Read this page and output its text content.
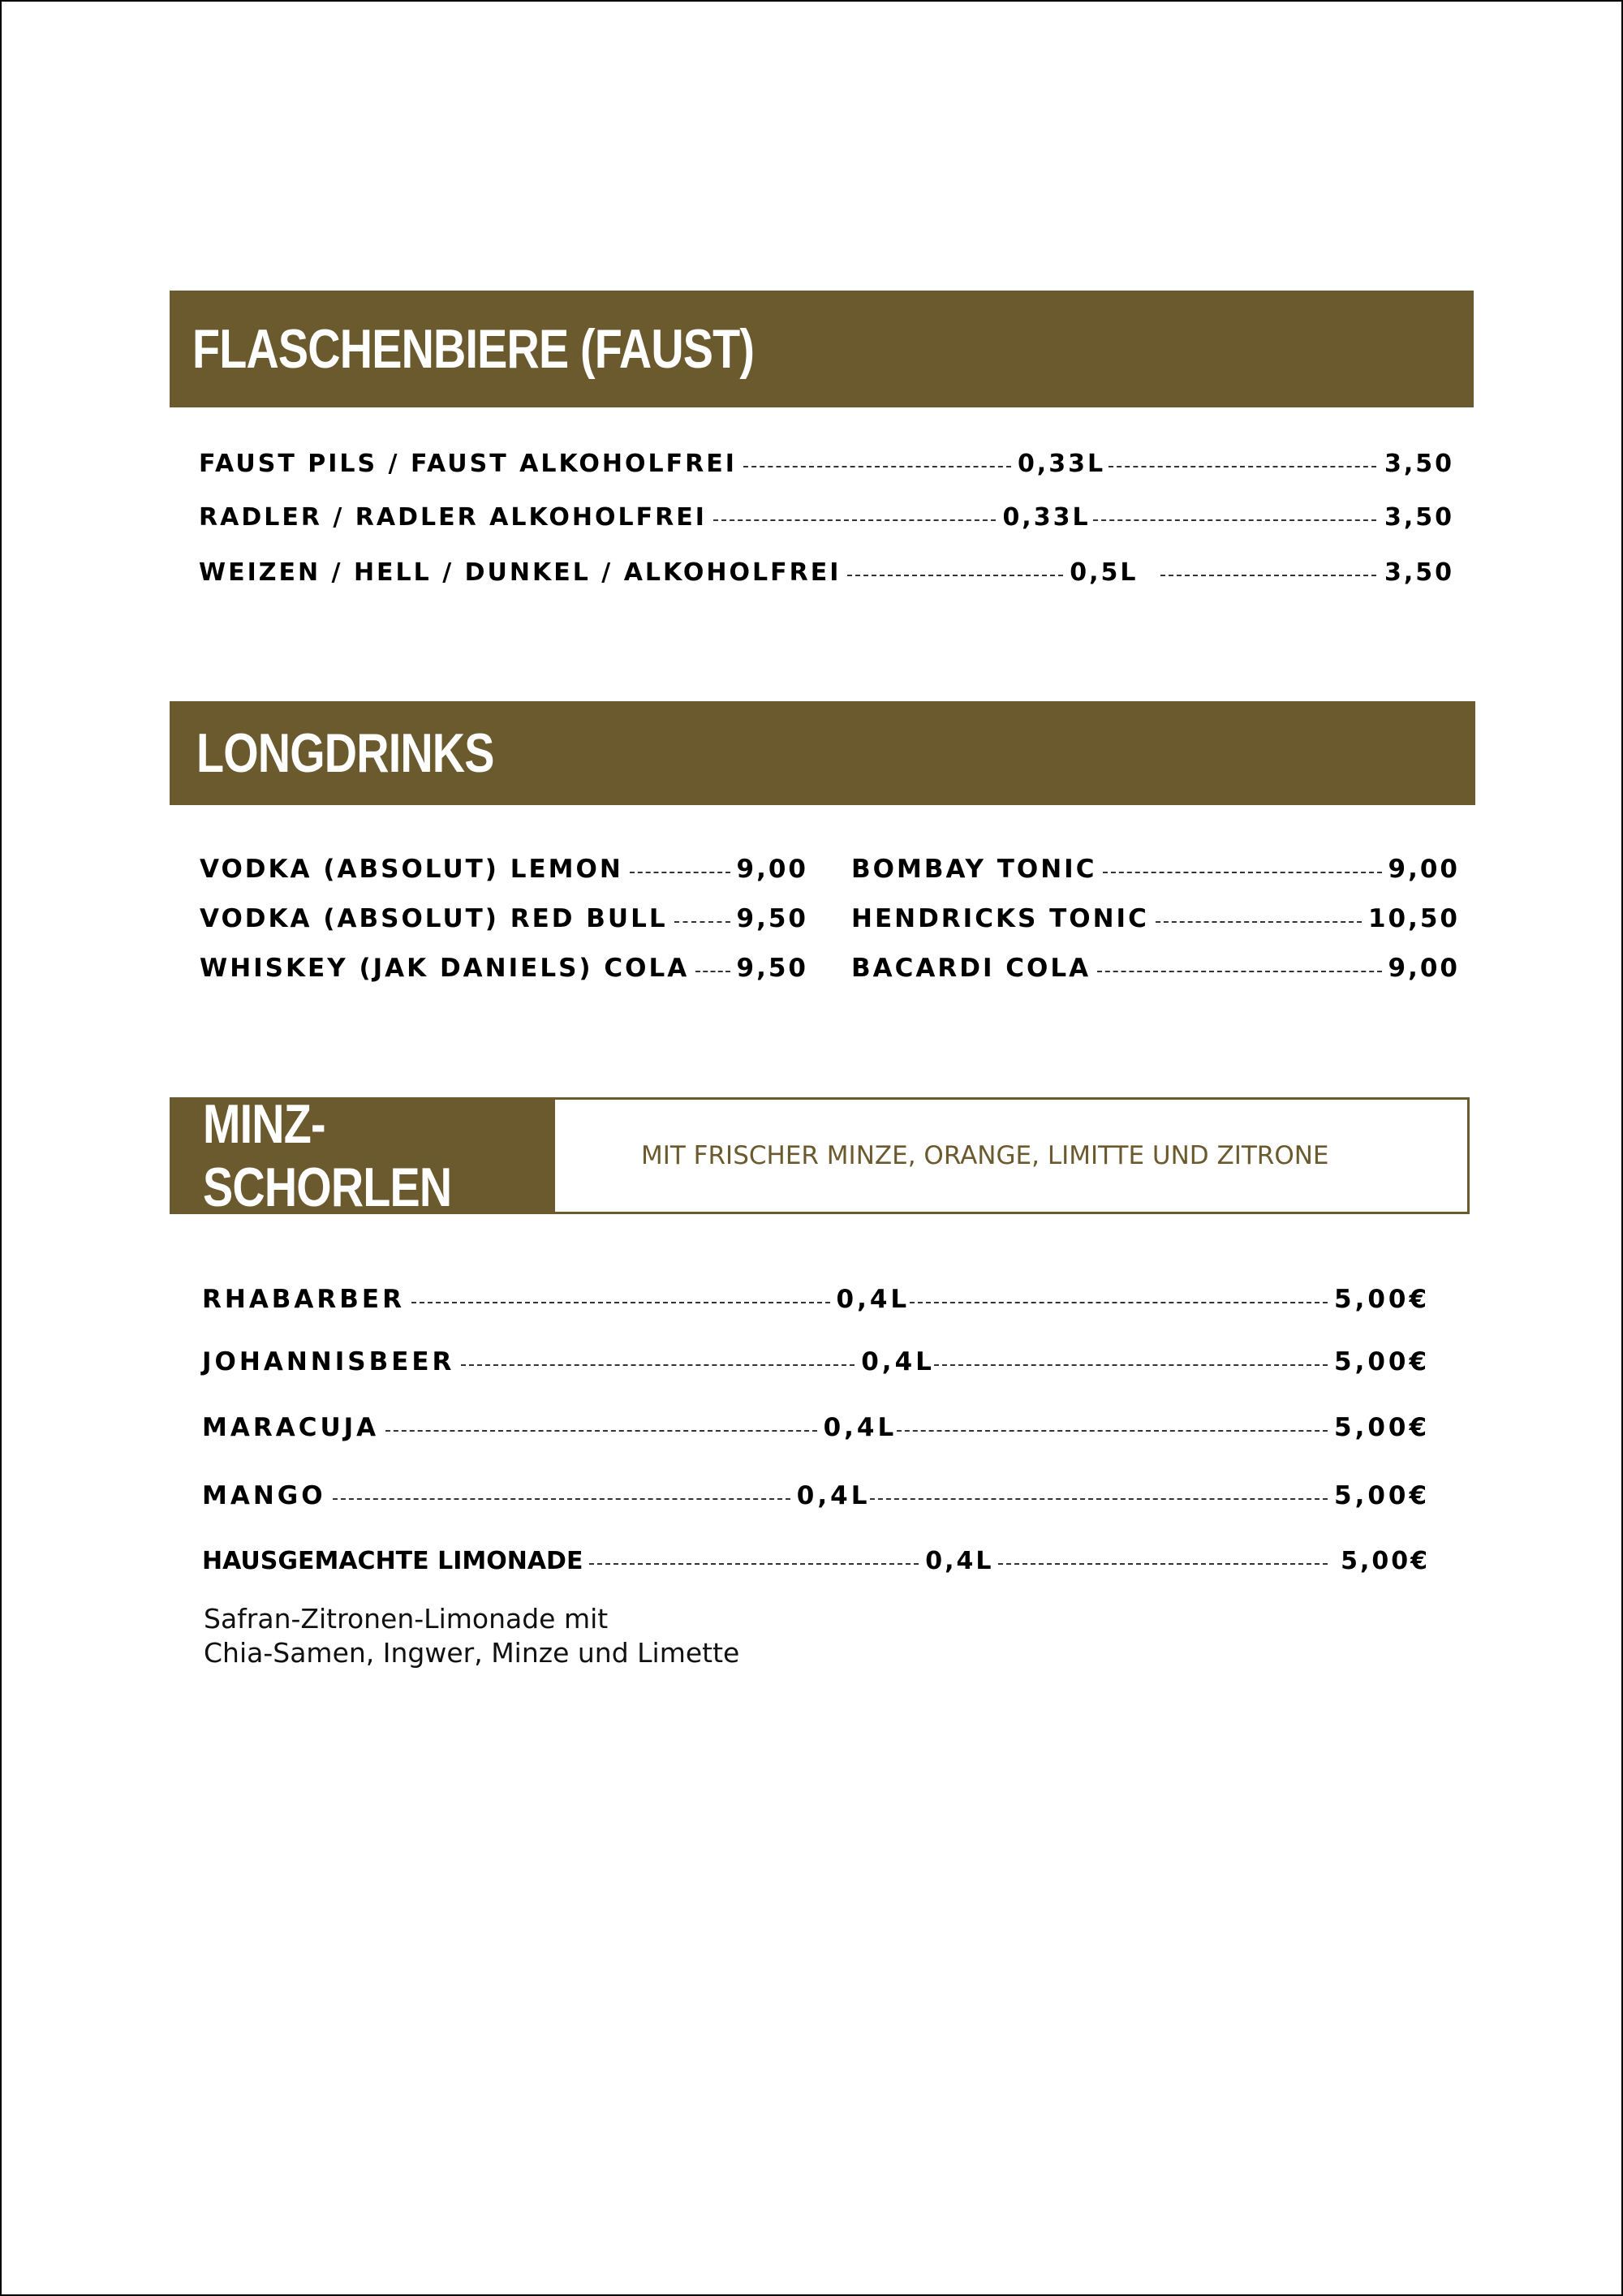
FLASCHENBIERE (FAUST)
FAUST PILS / FAUST ALKOHOLFREI	0,33L	3,50
RADLER / RADLER ALKOHOLFREI	0,33L	3,50
WEIZEN / HELL / DUNKEL / ALKOHOLFREI	0,5L	3,50
LONGDRINKS
VODKA (ABSOLUT) LEMON	9,00
VODKA (ABSOLUT) RED BULL	9,50
WHISKEY (JAK DANIELS) COLA 9,50
BOMBAY TONIC	9,00
HENDRICKS TONIC	10,50
BACARDI COLA	9,00
MINZ-SCHORLEN
MIT FRISCHER MINZE, ORANGE, LIMITTE UND ZITRONE
RHABARBER	0,4L	5,00€
JOHANNISBEER	0,4L	5,00€
MARACUJA	0,4L	5,00€
MANGO	0,4L	5,00€
HAUSGEMACHTE LIMONADE	0,4L	5,00€
Safran-Zitronen-Limonade mit
Chia-Samen, Ingwer, Minze und Limette
